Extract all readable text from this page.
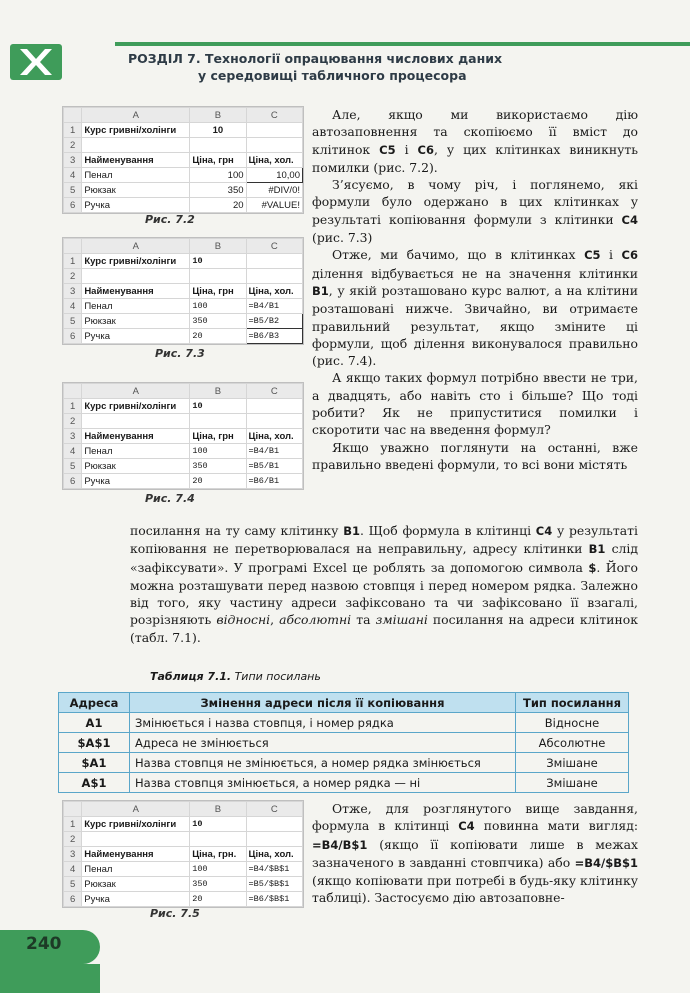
РОЗДІЛ 7. Технології опрацювання числових даних
у середовищі табличного процесора
	A	B	C
1	Курс гривні/холінги	10	
2			
3	Найменування	Ціна, грн	Ціна, хол.
4	Пенал	100	10,00
5	Рюкзак	350	#DIV/0!
6	Ручка	20	#VALUE!
Рис. 7.2
	A	B	C
1	Курс гривні/холінги	10	
2			
3	Найменування	Ціна, грн	Ціна, хол.
4	Пенал	100	=B4/B1
5	Рюкзак	350	=B5/B2
6	Ручка	20	=B6/B3
Рис. 7.3
	A	B	C
1	Курс гривні/холінги	10	
2			
3	Найменування	Ціна, грн	Ціна, хол.
4	Пенал	100	=B4/B1
5	Рюкзак	350	=B5/B1
6	Ручка	20	=B6/B1
Рис. 7.4

Але, якщо ми використаємо дію автозаповнення та скопіюємо її вміст до клітинок C5 і C6, у цих клітинках виникнуть помилки (рис. 7.2).

З’ясуємо, в чому річ, і поглянемо, які формули було одержано в цих клітинках у результаті копіювання формули з клітинки C4 (рис. 7.3)

Отже, ми бачимо, що в клітинках C5 і C6 ділення відбувається не на значення клітинки B1, у якій розташовано курс валют, а на клітини розташовані нижче. Звичайно, ви отримаєте правильний результат, якщо зміните ці формули, щоб ділення виконувалося правильно (рис. 7.4).

А якщо таких формул потрібно ввести не три, а двадцять, або навіть сто і більше? Що тоді робити? Як не припуститися помилки і скоротити час на введення формул?

Якщо уважно поглянути на останні, вже правильно введені формули, то всі вони містять

посилання на ту саму клітинку B1. Щоб формула в клітинці C4 у результаті копіювання не перетворювалася на неправильну, адресу клітинки B1 слід «зафіксувати». У програмі Excel це роблять за допомогою символа $. Його можна розташувати перед назвою стовпця і перед номером рядка. Залежно від того, яку частину адреси зафіксовано та чи зафіксовано її взагалі, розрізняють відносні, абсолютні та змішані посилання на адреси клітинок (табл. 7.1).

Таблиця 7.1. Типи посилань
Адреса	Змінення адреси після її копіювання	Тип посилання
A1	Змінюється і назва стовпця, і номер рядка	Відносне
$A$1	Адреса не змінюється	Абсолютне
$A1	Назва стовпця не змінюється, а номер рядка змінюється	Змішане
A$1	Назва стовпця змінюється, а номер рядка — ні	Змішане
	A	B	C
1	Курс гривні/холінги	10	
2			
3	Найменування	Ціна, грн.	Ціна, хол.
4	Пенал	100	=B4/$B$1
5	Рюкзак	350	=B5/$B$1
6	Ручка	20	=B6/$B$1
Рис. 7.5

Отже, для розглянутого вище завдання, формула в клітинці C4 повинна мати вигляд: =B4/B$1 (якщо її копіювати лише в межах зазначеного в завданні стовпчика) або =B4/$B$1 (якщо копіювати при потребі в будь-яку клітинку таблиці). Застосуємо дію автозаповне-

240
